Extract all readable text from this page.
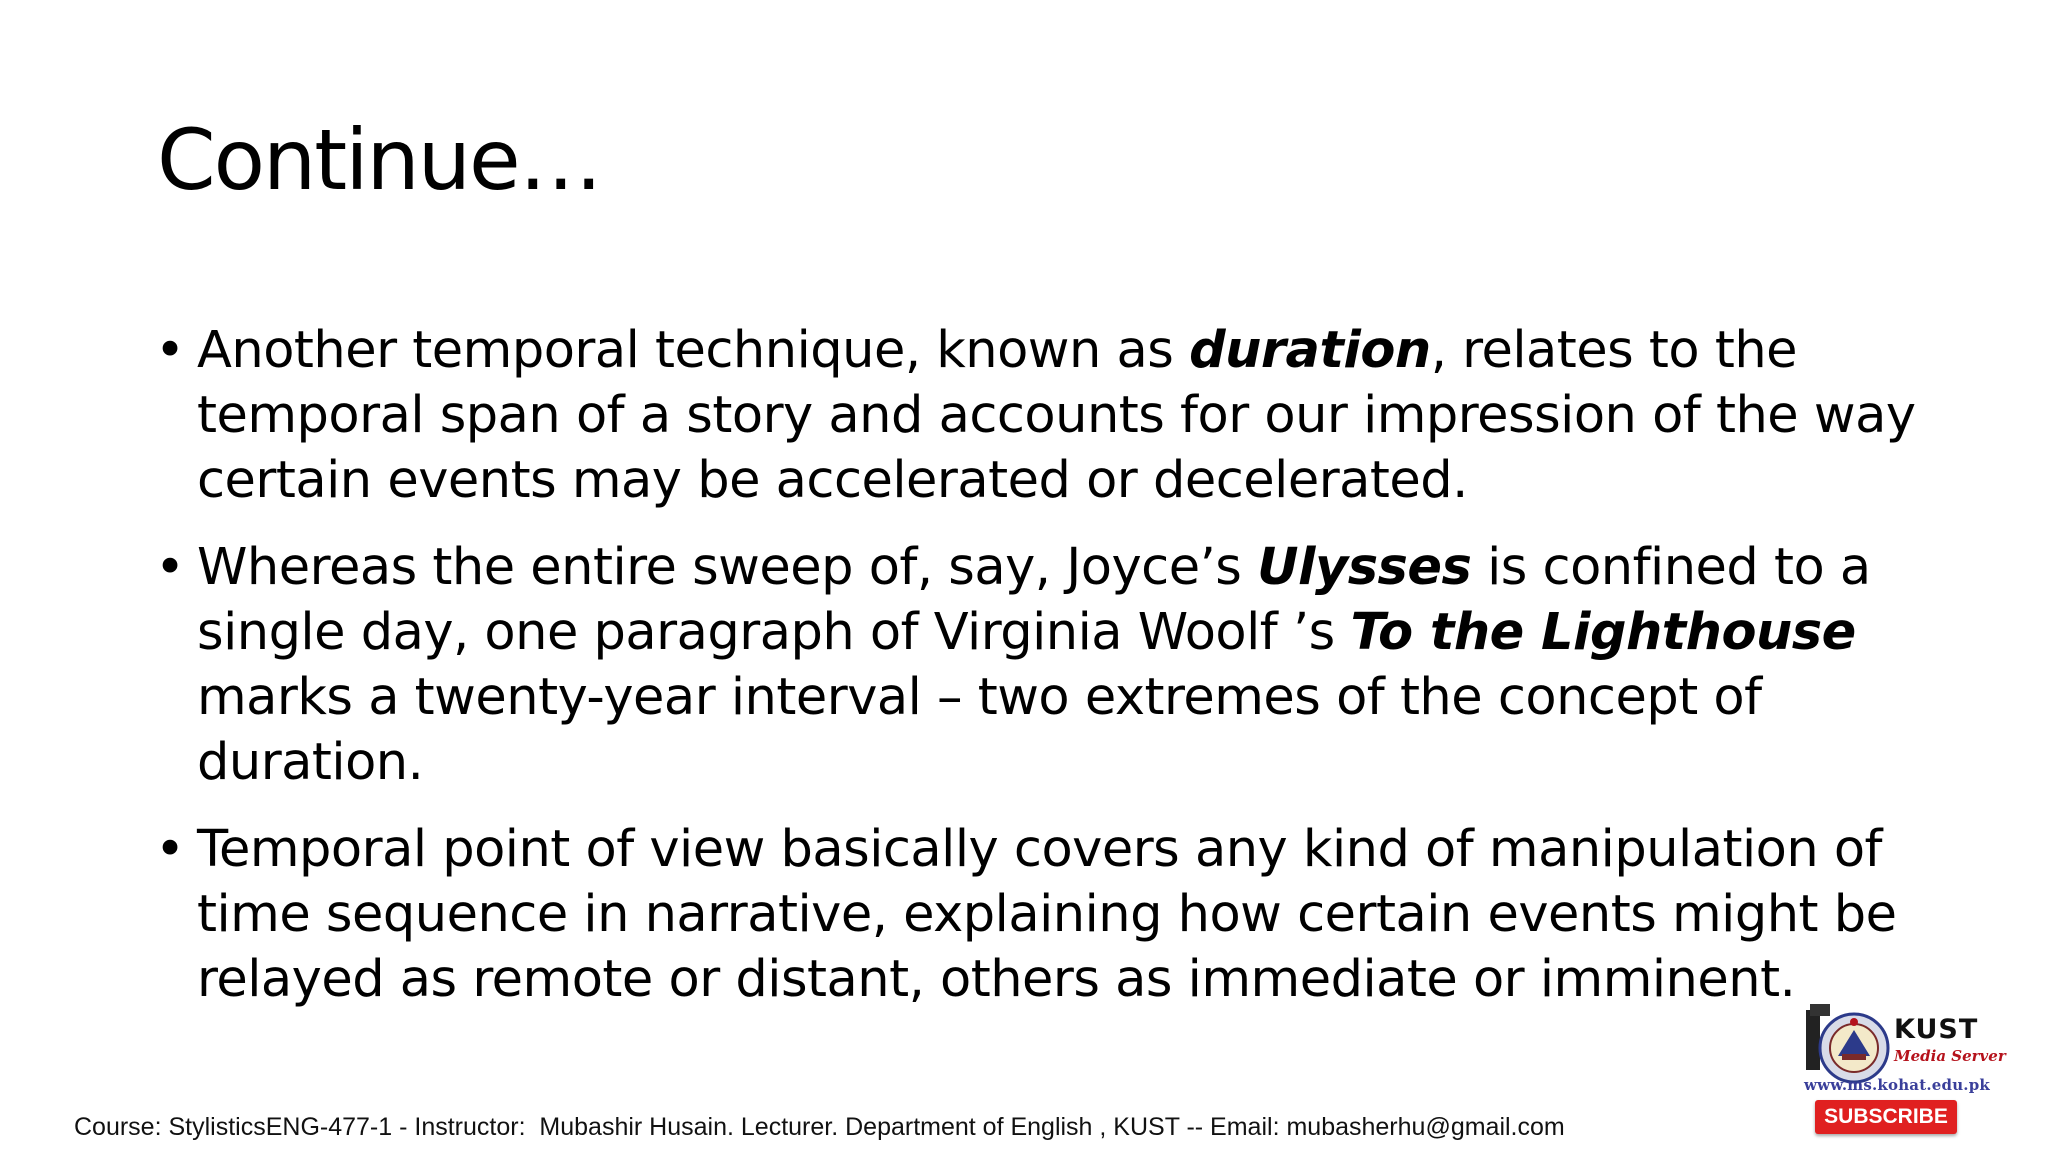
Continue…
• Another temporal technique, known as duration, relates to the temporal span of a story and accounts for our impression of the way certain events may be accelerated or decelerated.
• Whereas the entire sweep of, say, Joyce’s Ulysses is confined to a single day, one paragraph of Virginia Woolf ’s To the Lighthouse marks a twenty-year interval – two extremes of the concept of duration.
• Temporal point of view basically covers any kind of manipulation of time sequence in narrative, explaining how certain events might be relayed as remote or distant, others as immediate or imminent.
Course: StylisticsENG-477-1 - Instructor:  Mubashir Husain. Lecturer. Department of English , KUST -- Email: mubasherhu@gmail.com
KUST
Media Server
www.ms.kohat.edu.pk
SUBSCRIBE
